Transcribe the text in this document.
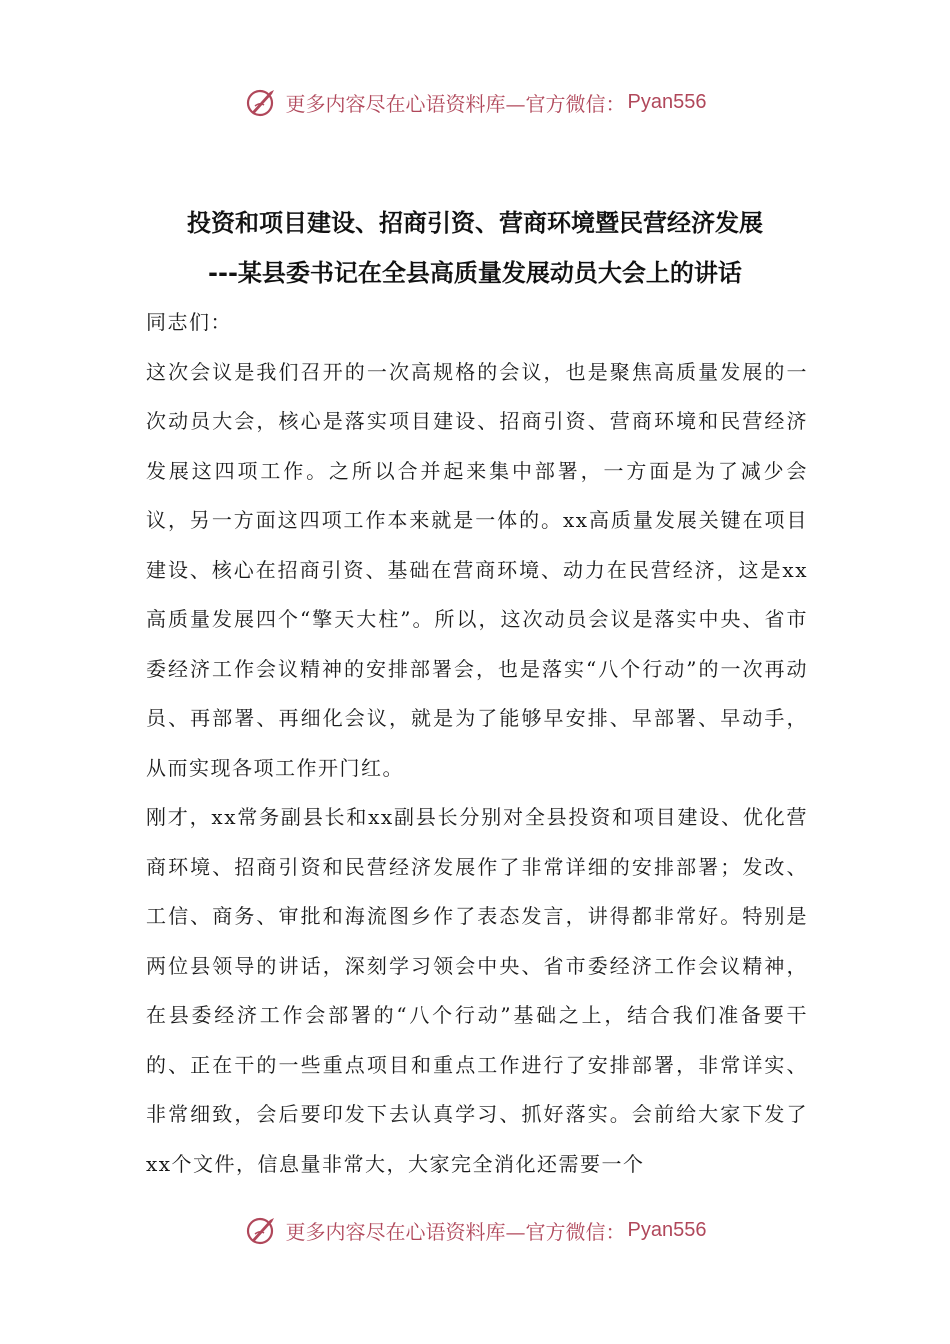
更多内容尽在心语资料库—官方微信： Pyan556
投资和项目建设、招商引资、营商环境暨民营经济发展
---某县委书记在全县高质量发展动员大会上的讲话

同志们：

这次会议是我们召开的一次高规格的会议，也是聚焦高质量发展的一次动员大会，核心是落实项目建设、招商引资、营商环境和民营经济发展这四项工作。之所以合并起来集中部署，一方面是为了减少会议，另一方面这四项工作本来就是一体的。xx高质量发展关键在项目建设、核心在招商引资、基础在营商环境、动力在民营经济，这是xx高质量发展四个“擎天大柱”。所以，这次动员会议是落实中央、省市委经济工作会议精神的安排部署会，也是落实“八个行动”的一次再动员、再部署、再细化会议，就是为了能够早安排、早部署、早动手，从而实现各项工作开门红。

刚才，xx常务副县长和xx副县长分别对全县投资和项目建设、优化营商环境、招商引资和民营经济发展作了非常详细的安排部署；发改、工信、商务、审批和海流图乡作了表态发言，讲得都非常好。特别是两位县领导的讲话，深刻学习领会中央、省市委经济工作会议精神，在县委经济工作会部署的“八个行动”基础之上，结合我们准备要干的、正在干的一些重点项目和重点工作进行了安排部署，非常详实、非常细致，会后要印发下去认真学习、抓好落实。会前给大家下发了xx个文件，信息量非常大，大家完全消化还需要一个

更多内容尽在心语资料库—官方微信： Pyan556
